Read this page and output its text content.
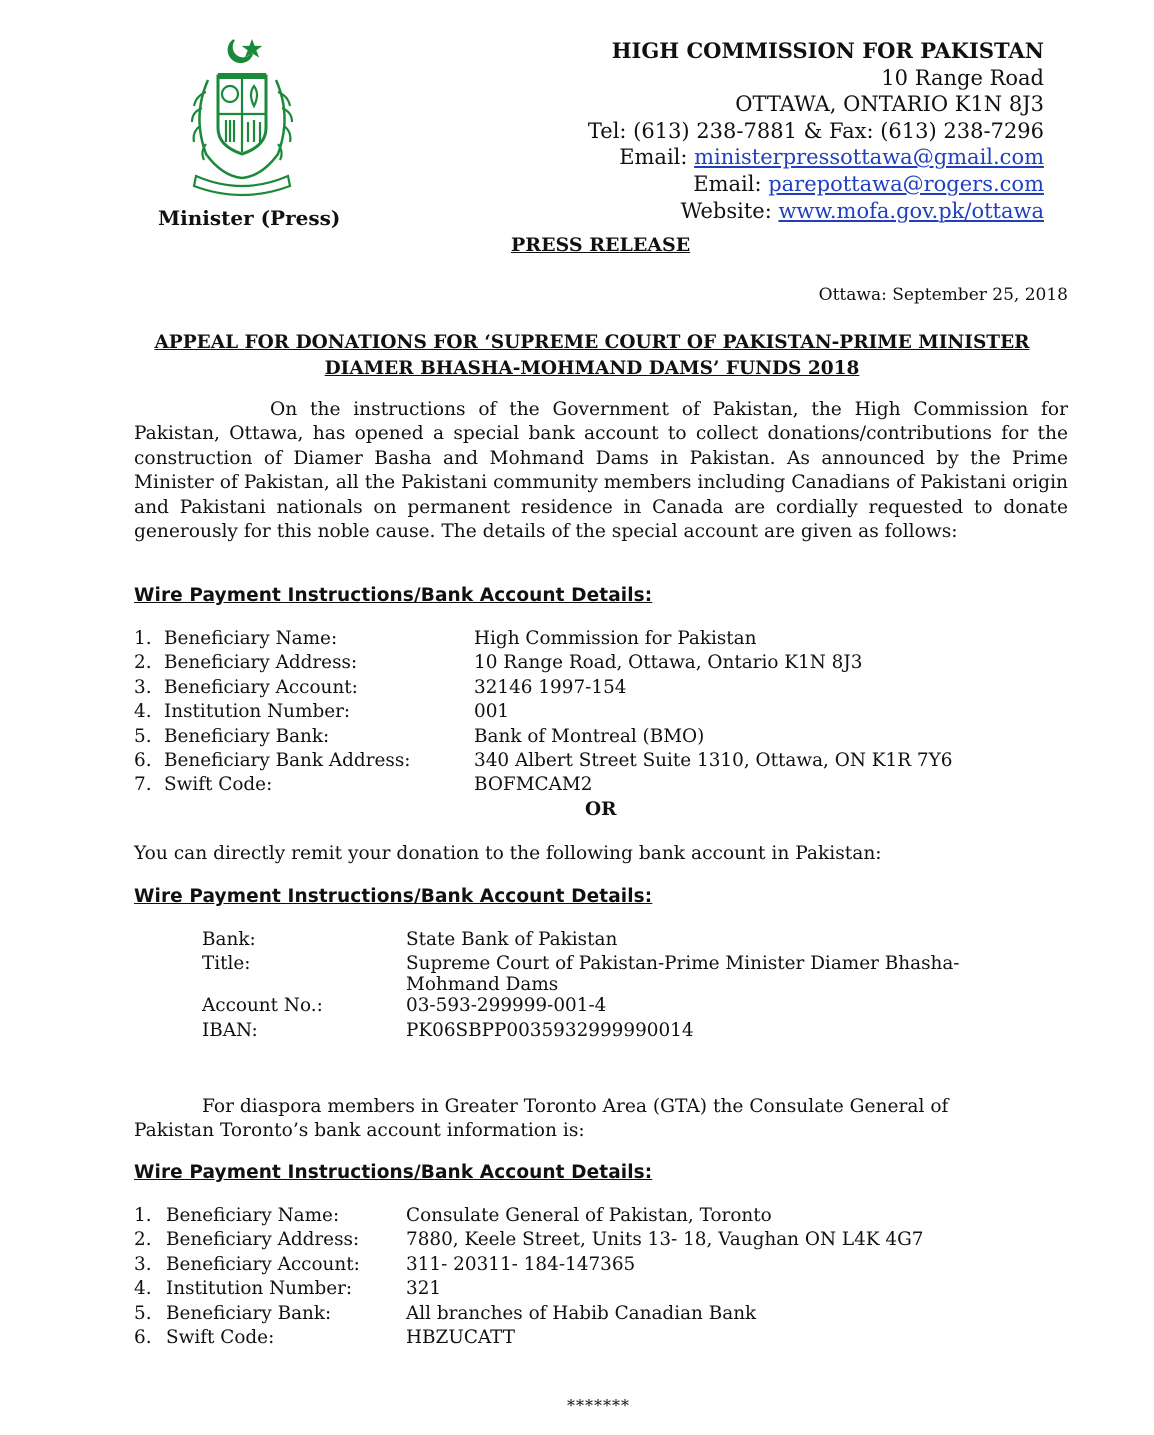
Minister (Press)
HIGH COMMISSION FOR PAKISTAN
10 Range Road
OTTAWA, ONTARIO K1N 8J3
Tel: (613) 238-7881 & Fax: (613) 238-7296
Email: ministerpressottawa@gmail.com
Email: parepottawa@rogers.com
Website: www.mofa.gov.pk/ottawa
PRESS RELEASE
Ottawa: September 25, 2018
APPEAL FOR DONATIONS FOR ‘SUPREME COURT OF PAKISTAN-PRIME MINISTER
DIAMER BHASHA-MOHMAND DAMS’ FUNDS 2018
On the instructions of the Government of Pakistan, the High Commission for Pakistan, Ottawa, has opened a special bank account to collect donations/contributions for the construction of Diamer Basha and Mohmand Dams in Pakistan. As announced by the Prime Minister of Pakistan, all the Pakistani community members including Canadians of Pakistani origin and Pakistani nationals on permanent residence in Canada are cordially requested to donate generously for this noble cause. The details of the special account are given as follows:
Wire Payment Instructions/Bank Account Details:
1.	Beneficiary Name:	High Commission for Pakistan
2.	Beneficiary Address:	10 Range Road, Ottawa, Ontario K1N 8J3
3.	Beneficiary Account:	32146 1997-154
4.	Institution Number:	001
5.	Beneficiary Bank:	Bank of Montreal (BMO)
6.	Beneficiary Bank Address:	340 Albert Street Suite 1310, Ottawa, ON K1R 7Y6
7.	Swift Code:	BOFMCAM2
OR
You can directly remit your donation to the following bank account in Pakistan:
Wire Payment Instructions/Bank Account Details:
Bank:	State Bank of Pakistan
Title:	Supreme Court of Pakistan-Prime Minister Diamer Bhasha-Mohmand Dams
Account No.:	03-593-299999-001-4
IBAN:	PK06SBPP0035932999990014
For diaspora members in Greater Toronto Area (GTA) the Consulate General of Pakistan Toronto’s bank account information is:
Wire Payment Instructions/Bank Account Details:
1.	Beneficiary Name:	Consulate General of Pakistan, Toronto
2.	Beneficiary Address:	7880, Keele Street, Units 13- 18, Vaughan ON L4K 4G7
3.	Beneficiary Account:	311- 20311- 184-147365
4.	Institution Number:	321
5.	Beneficiary Bank:	All branches of Habib Canadian Bank
6.	Swift Code:	HBZUCATT
*******
